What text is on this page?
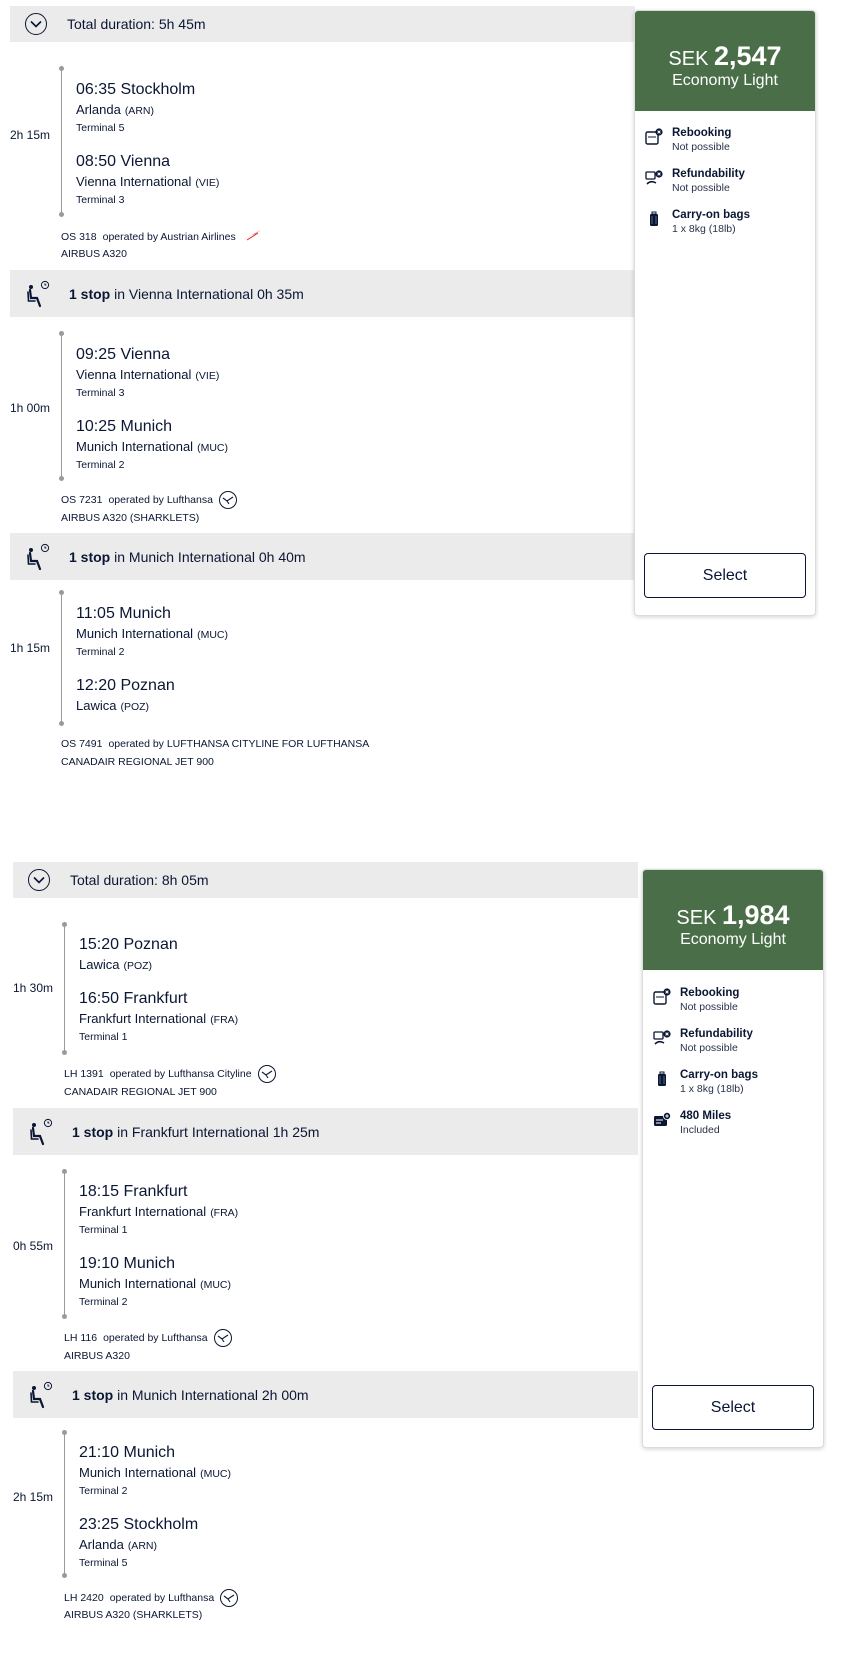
Total duration: 5h 45m
2h 15m
06:35 Stockholm
Arlanda (ARN)
Terminal 5
08:50 Vienna
Vienna International (VIE)
Terminal 3
OS 318 operated by Austrian Airlines
AIRBUS A320
1 stop in Vienna International 0h 35m
1h 00m
09:25 Vienna
Vienna International (VIE)
Terminal 3
10:25 Munich
Munich International (MUC)
Terminal 2
OS 7231 operated by Lufthansa
AIRBUS A320 (SHARKLETS)
1 stop in Munich International 0h 40m
1h 15m
11:05 Munich
Munich International (MUC)
Terminal 2
12:20 Poznan
Lawica (POZ)
OS 7491 operated by LUFTHANSA CITYLINE FOR LUFTHANSA
CANADAIR REGIONAL JET 900
SEK 2,547
Economy Light
Rebooking
Not possible
Refundability
Not possible
Carry-on bags
1 x 8kg (18lb)
Select
Total duration: 8h 05m
1h 30m
15:20 Poznan
Lawica (POZ)
16:50 Frankfurt
Frankfurt International (FRA)
Terminal 1
LH 1391 operated by Lufthansa Cityline
CANADAIR REGIONAL JET 900
1 stop in Frankfurt International 1h 25m
0h 55m
18:15 Frankfurt
Frankfurt International (FRA)
Terminal 1
19:10 Munich
Munich International (MUC)
Terminal 2
LH 116 operated by Lufthansa
AIRBUS A320
1 stop in Munich International 2h 00m
2h 15m
21:10 Munich
Munich International (MUC)
Terminal 2
23:25 Stockholm
Arlanda (ARN)
Terminal 5
LH 2420 operated by Lufthansa
AIRBUS A320 (SHARKLETS)
SEK 1,984
Economy Light
Rebooking
Not possible
Refundability
Not possible
Carry-on bags
1 x 8kg (18lb)
480 Miles
Included
Select
